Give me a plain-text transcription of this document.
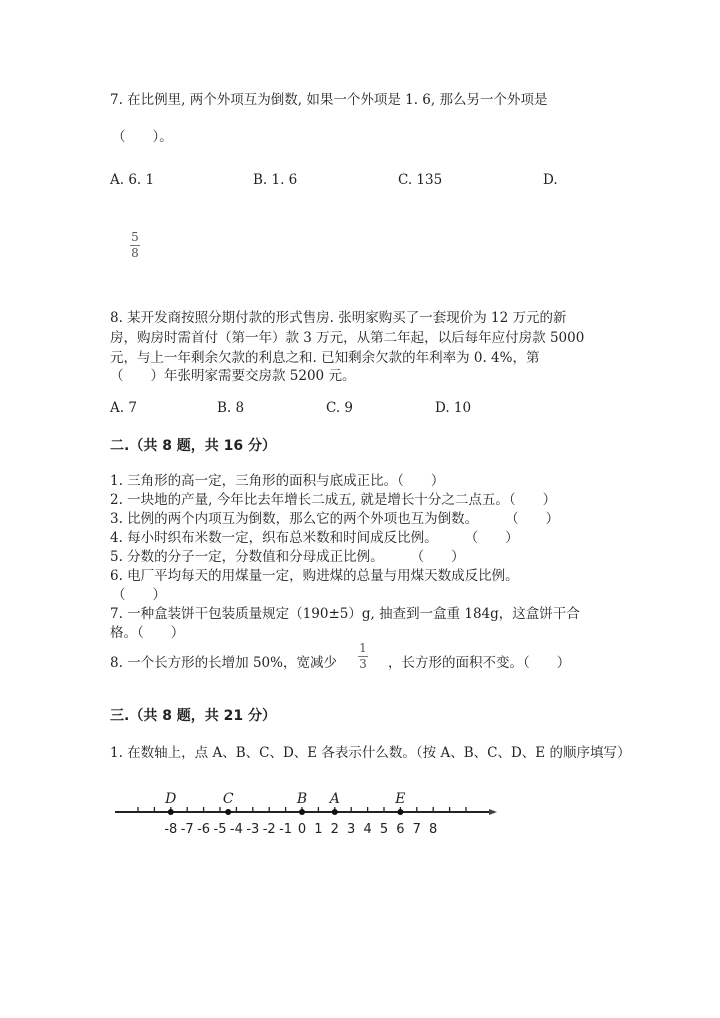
7. 在比例里, 两个外项互为倒数, 如果一个外项是 1. 6, 那么另一个外项是
（　　）。
A. 6. 1	B. 1. 6	C. 135	D.
5
8
8. 某开发商按照分期付款的形式售房. 张明家购买了一套现价为 12 万元的新
房，购房时需首付（第一年）款 3 万元，从第二年起，以后每年应付房款 5000
元，与上一年剩余欠款的利息之和. 已知剩余欠款的年利率为 0. 4%，第
（　　）年张明家需要交房款 5200 元。
A. 7	B. 8	C. 9	D. 10
二.（共 8 题，共 16 分）
1. 三角形的高一定，三角形的面积与底成正比。（　　）
2. 一块地的产量, 今年比去年增长二成五, 就是增长十分之二点五。（　　）
3. 比例的两个内项互为倒数，那么它的两个外项也互为倒数。　　　（　　）
4. 每小时织布米数一定，织布总米数和时间成反比例。　　　（　　）
5. 分数的分子一定，分数值和分母成正比例。　　　（　　）
6. 电厂平均每天的用煤量一定，购进煤的总量与用煤天数成反比例。
（　　）
7. 一种盒装饼干包装质量规定（190±5）g, 抽查到一盒重 184g，这盒饼干合
格。（　　）
8. 一个长方形的长增加 50%，宽减少
1
3 ，长方形的面积不变。（　　）
三.（共 8 题，共 21 分）
1. 在数轴上，点 A、B、C、D、E 各表示什么数。（按 A、B、C、D、E 的顺序填写）
-8 -7 -6 -5 -4 -3 -2 -1 0 1 2 3 4 5 6 7 8
D	C	B A	E
